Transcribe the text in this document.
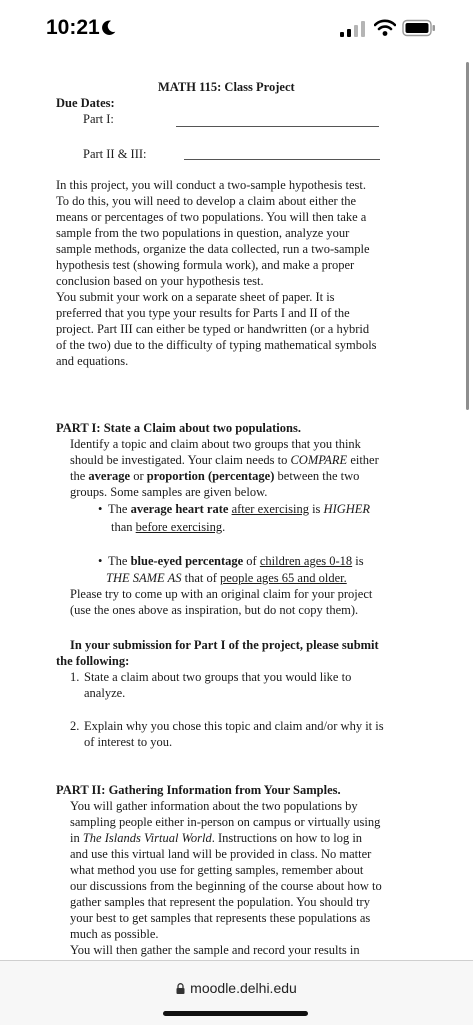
10:21
MATH 115: Class Project
Due Dates:
Part I:
Part II & III:
In this project, you will conduct a two-sample hypothesis test.
To do this, you will need to develop a claim about either the
means or percentages of two populations. You will then take a
sample from the two populations in question, analyze your
sample methods, organize the data collected, run a two-sample
hypothesis test (showing formula work), and make a proper
conclusion based on your hypothesis test.
You submit your work on a separate sheet of paper. It is
preferred that you type your results for Parts I and II of the
project. Part III can either be typed or handwritten (or a hybrid
of the two) due to the difficulty of typing mathematical symbols
and equations.
PART I: State a Claim about two populations.
Identify a topic and claim about two groups that you think
should be investigated. Your claim needs to COMPARE either
the average or proportion (percentage) between the two
groups. Some samples are given below.
• The average heart rate after exercising is HIGHER
than before exercising.
• The blue-eyed percentage of children ages 0-18 is
THE SAME AS that of people ages 65 and older.
Please try to come up with an original claim for your project
(use the ones above as inspiration, but do not copy them).
In your submission for Part I of the project, please submit
the following:
1. State a claim about two groups that you would like to
analyze.
2. Explain why you chose this topic and claim and/or why it is
of interest to you.
PART II: Gathering Information from Your Samples.
You will gather information about the two populations by
sampling people either in-person on campus or virtually using
in The Islands Virtual World. Instructions on how to log in
and use this virtual land will be provided in class. No matter
what method you use for getting samples, remember about
our discussions from the beginning of the course about how to
gather samples that represent the population. You should try
your best to get samples that represents these populations as
much as possible.
You will then gather the sample and record your results in
moodle.delhi.edu
